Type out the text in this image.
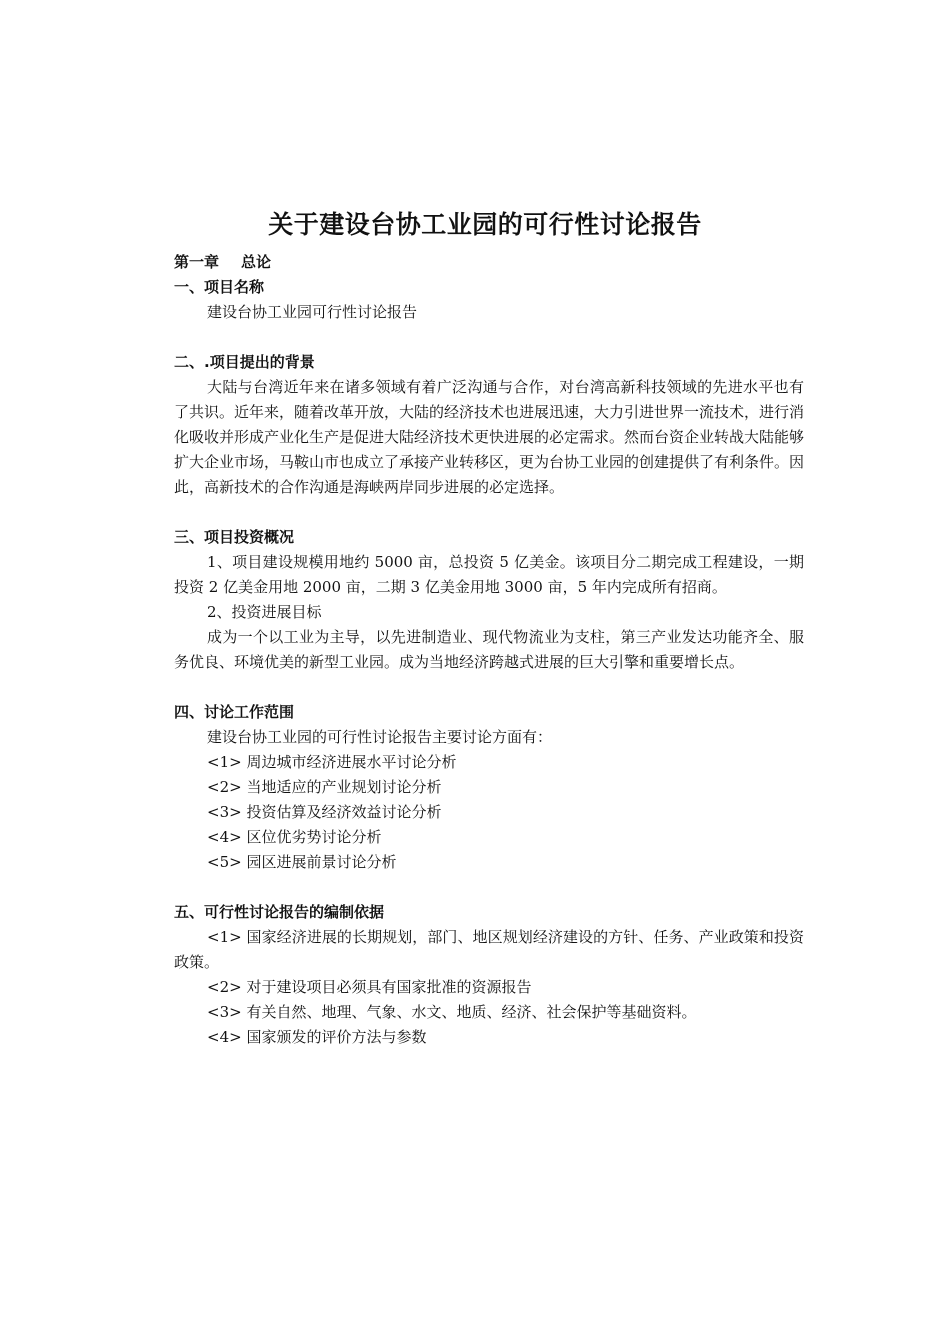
关于建设台协工业园的可行性讨论报告
第一章 总论
一、项目名称
建设台协工业园可行性讨论报告
二、.项目提出的背景
大陆与台湾近年来在诸多领域有着广泛沟通与合作，对台湾高新科技领域的先进水平也有了共识。近年来，随着改革开放，大陆的经济技术也进展迅速，大力引进世界一流技术，进行消化吸收并形成产业化生产是促进大陆经济技术更快进展的必定需求。然而台资企业转战大陆能够扩大企业市场，马鞍山市也成立了承接产业转移区，更为台协工业园的创建提供了有利条件。因此，高新技术的合作沟通是海峡两岸同步进展的必定选择。
三、项目投资概况
1、项目建设规模用地约 5000 亩，总投资 5 亿美金。该项目分二期完成工程建设，一期投资 2 亿美金用地 2000 亩，二期 3 亿美金用地 3000 亩，5 年内完成所有招商。
2、投资进展目标
成为一个以工业为主导，以先进制造业、现代物流业为支柱，第三产业发达功能齐全、服务优良、环境优美的新型工业园。成为当地经济跨越式进展的巨大引擎和重要增长点。
四、讨论工作范围
建设台协工业园的可行性讨论报告主要讨论方面有：
<1> 周边城市经济进展水平讨论分析
<2> 当地适应的产业规划讨论分析
<3> 投资估算及经济效益讨论分析
<4> 区位优劣势讨论分析
<5> 园区进展前景讨论分析
五、可行性讨论报告的编制依据
<1> 国家经济进展的长期规划，部门、地区规划经济建设的方针、任务、产业政策和投资政策。
<2> 对于建设项目必须具有国家批准的资源报告
<3> 有关自然、地理、气象、水文、地质、经济、社会保护等基础资料。
<4> 国家颁发的评价方法与参数
